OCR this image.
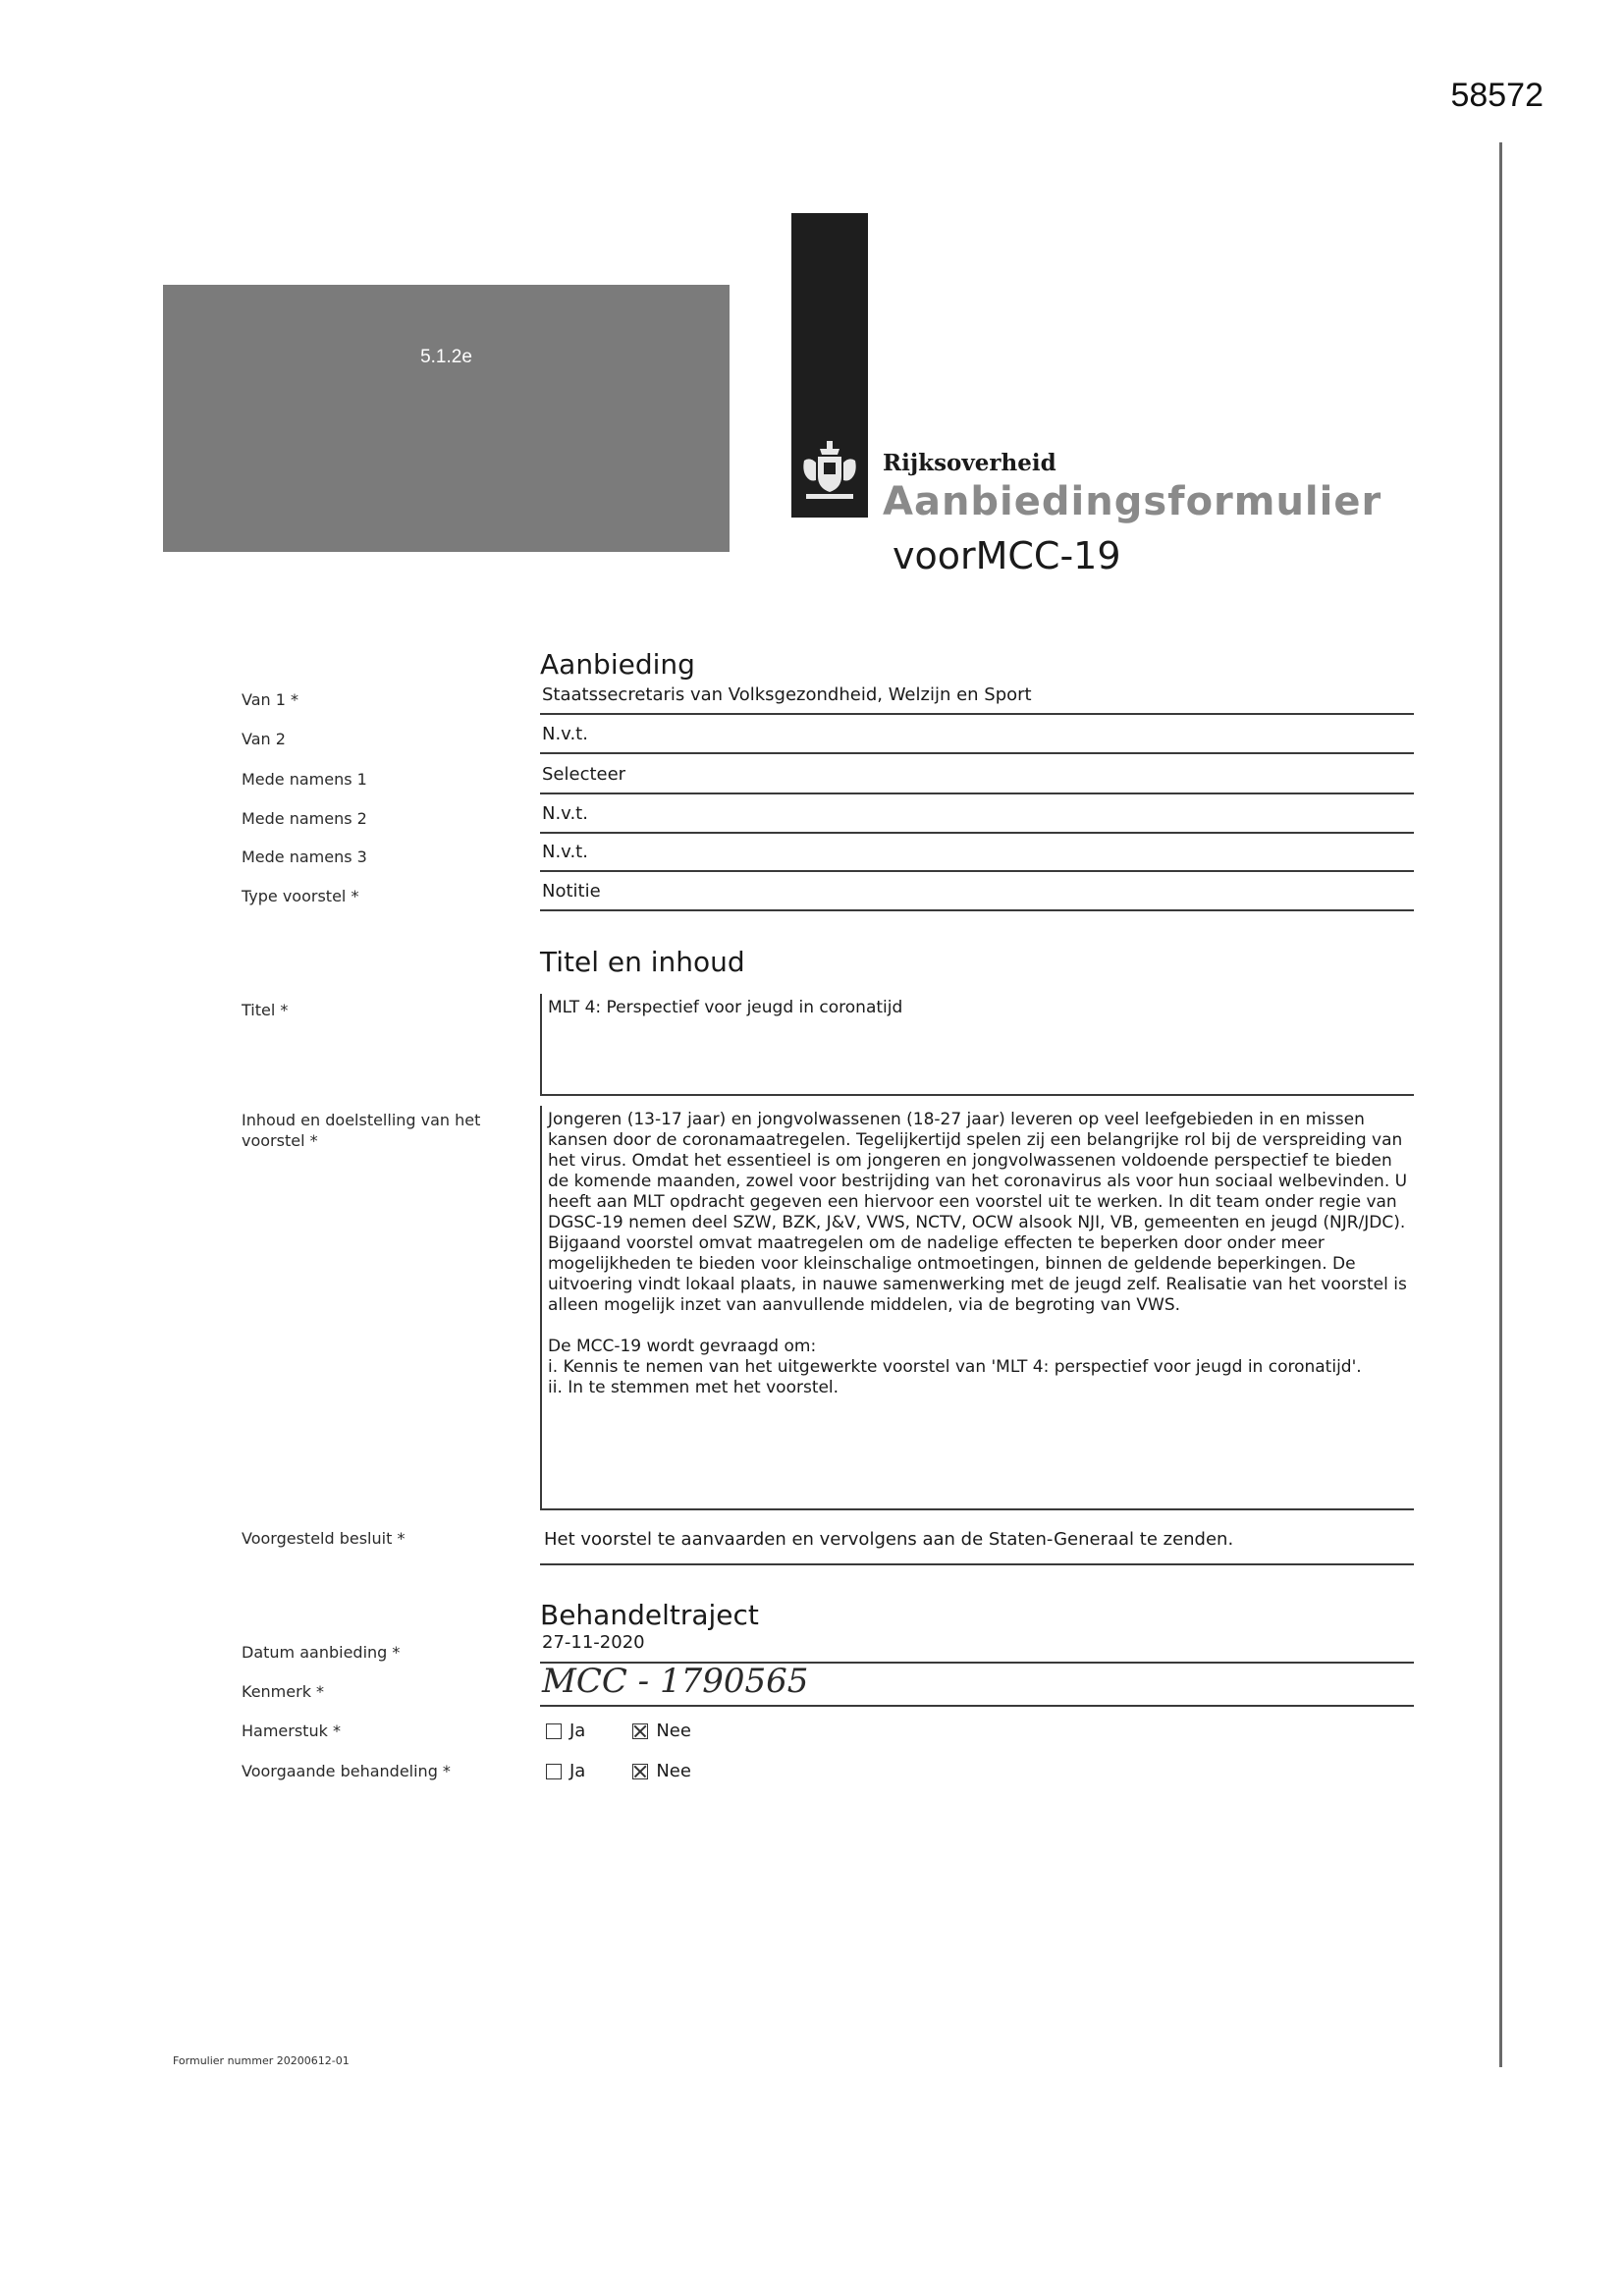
58572
5.1.2e
Rijksoverheid
Aanbiedingsformulier
voorMCC-19
Aanbieding
Van 1 *	Staatssecretaris van Volksgezondheid, Welzijn en Sport
Van 2	N.v.t.
Mede namens 1	Selecteer
Mede namens 2	N.v.t.
Mede namens 3	N.v.t.
Type voorstel *	Notitie
Titel en inhoud
Titel *	MLT 4: Perspectief voor jeugd in coronatijd

Inhoud en doelstelling van het
voorstel *

Jongeren (13-17 jaar) en jongvolwassenen (18-27 jaar) leveren op veel leefgebieden in en missen kansen door de coronamaatregelen. Tegelijkertijd spelen zij een belangrijke rol bij de verspreiding van het virus. Omdat het essentieel is om jongeren en jongvolwassenen voldoende perspectief te bieden de komende maanden, zowel voor bestrijding van het coronavirus als voor hun sociaal welbevinden. U heeft aan MLT opdracht gegeven een hiervoor een voorstel uit te werken. In dit team onder regie van DGSC-19 nemen deel SZW, BZK, J&V, VWS, NCTV, OCW alsook NJI, VB, gemeenten en jeugd (NJR/JDC). Bijgaand voorstel omvat maatregelen om de nadelige effecten te beperken door onder meer mogelijkheden te bieden voor kleinschalige ontmoetingen, binnen de geldende beperkingen. De uitvoering vindt lokaal plaats, in nauwe samenwerking met de jeugd zelf. Realisatie van het voorstel is alleen mogelijk inzet van aanvullende middelen, via de begroting van VWS.

De MCC-19 wordt gevraagd om:

i. Kennis te nemen van het uitgewerkte voorstel van 'MLT 4: perspectief voor jeugd in coronatijd'.

ii. In te stemmen met het voorstel.

Voorgesteld besluit *	Het voorstel te aanvaarden en vervolgens aan de Staten-Generaal te zenden.
Behandeltraject
Datum aanbieding *	27-11-2020
Kenmerk *	MCC - 1790565
Hamerstuk *	Ja	Nee
Voorgaande behandeling *	Ja	Nee
Formulier nummer 20200612-01
